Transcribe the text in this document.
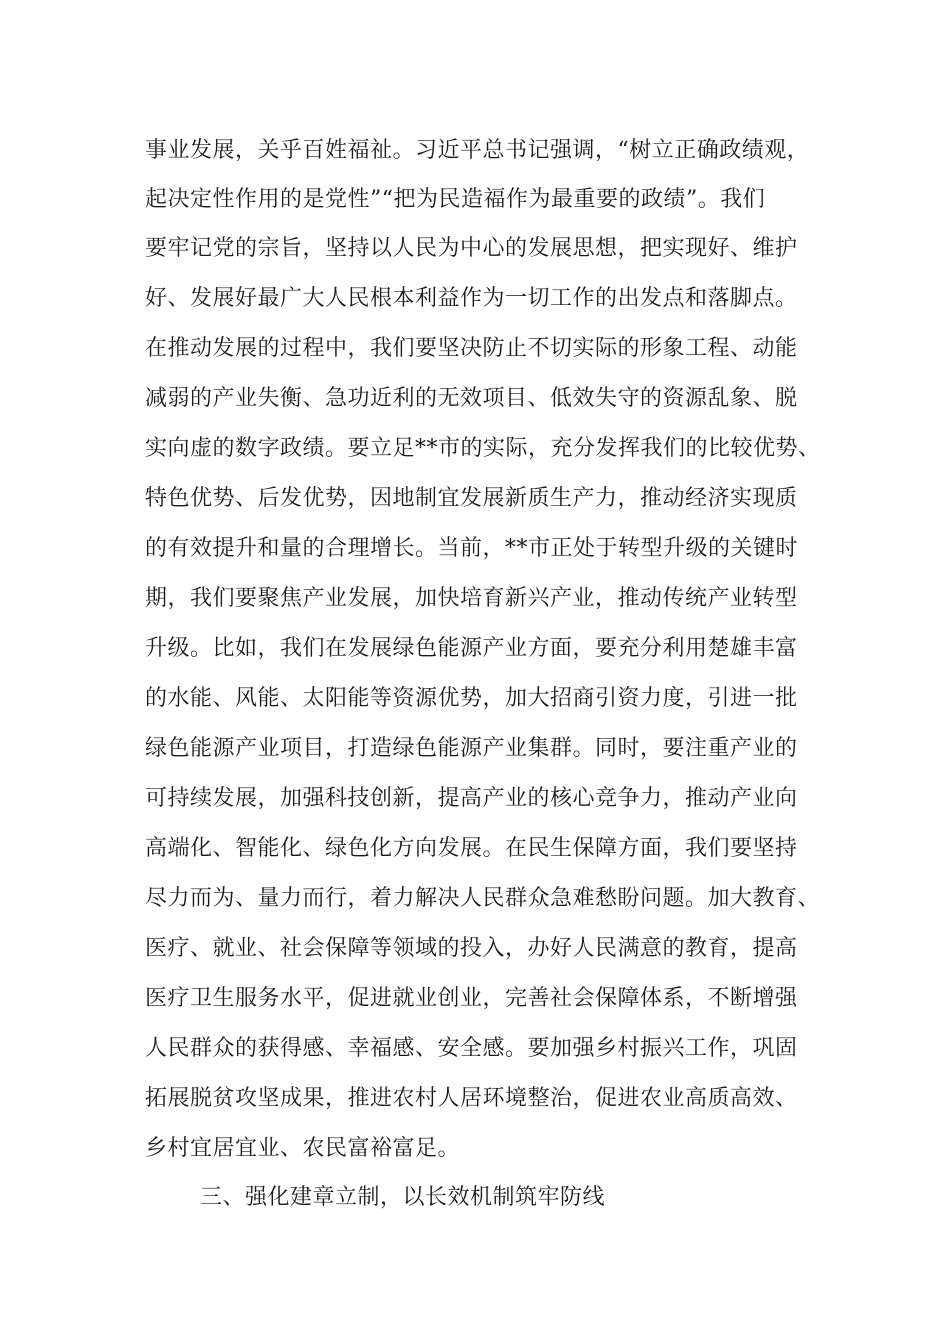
事业发展，关乎百姓福祉。习近平总书记强调，“树立正确政绩观，
起决定性作用的是党性”“把为民造福作为最重要的政绩”。我们
要牢记党的宗旨，坚持以人民为中心的发展思想，把实现好、维护
好、发展好最广大人民根本利益作为一切工作的出发点和落脚点。
在推动发展的过程中，我们要坚决防止不切实际的形象工程、动能
减弱的产业失衡、急功近利的无效项目、低效失守的资源乱象、脱
实向虚的数字政绩。要立足**市的实际，充分发挥我们的比较优势、
特色优势、后发优势，因地制宜发展新质生产力，推动经济实现质
的有效提升和量的合理增长。当前，**市正处于转型升级的关键时
期，我们要聚焦产业发展，加快培育新兴产业，推动传统产业转型
升级。比如，我们在发展绿色能源产业方面，要充分利用楚雄丰富
的水能、风能、太阳能等资源优势，加大招商引资力度，引进一批
绿色能源产业项目，打造绿色能源产业集群。同时，要注重产业的
可持续发展，加强科技创新，提高产业的核心竞争力，推动产业向
高端化、智能化、绿色化方向发展。在民生保障方面，我们要坚持
尽力而为、量力而行，着力解决人民群众急难愁盼问题。加大教育、
医疗、就业、社会保障等领域的投入，办好人民满意的教育，提高
医疗卫生服务水平，促进就业创业，完善社会保障体系，不断增强
人民群众的获得感、幸福感、安全感。要加强乡村振兴工作，巩固
拓展脱贫攻坚成果，推进农村人居环境整治，促进农业高质高效、
乡村宜居宜业、农民富裕富足。
三、强化建章立制，以长效机制筑牢防线
